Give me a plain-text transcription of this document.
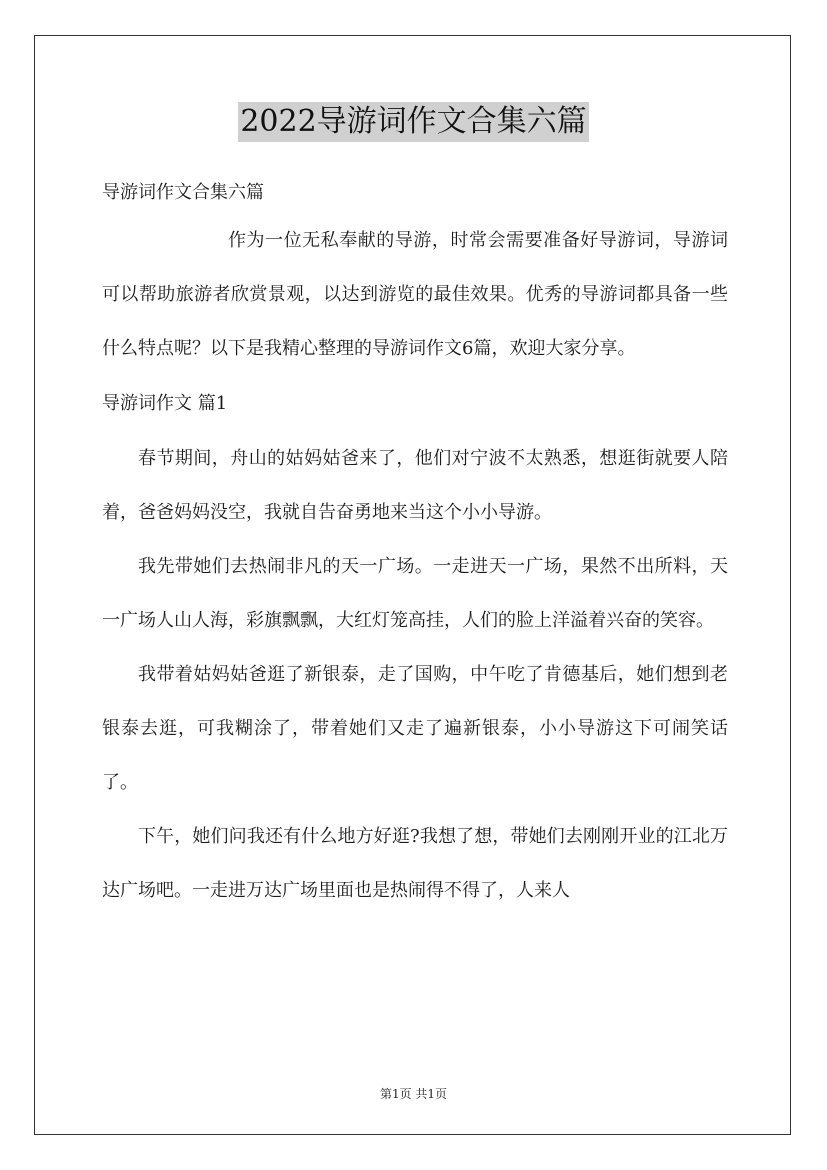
2022导游词作文合集六篇
导游词作文合集六篇

作为一位无私奉献的导游，时常会需要准备好导游词，导游词可以帮助旅游者欣赏景观，以达到游览的最佳效果。优秀的导游词都具备一些什么特点呢？以下是我精心整理的导游词作文6篇，欢迎大家分享。

导游词作文 篇1

春节期间，舟山的姑妈姑爸来了，他们对宁波不太熟悉，想逛街就要人陪着，爸爸妈妈没空，我就自告奋勇地来当这个小小导游。

我先带她们去热闹非凡的天一广场。一走进天一广场，果然不出所料，天一广场人山人海，彩旗飘飘，大红灯笼高挂，人们的脸上洋溢着兴奋的笑容。

我带着姑妈姑爸逛了新银泰，走了国购，中午吃了肯德基后，她们想到老银泰去逛，可我糊涂了，带着她们又走了遍新银泰，小小导游这下可闹笑话了。

下午，她们问我还有什么地方好逛?我想了想，带她们去刚刚开业的江北万达广场吧。一走进万达广场里面也是热闹得不得了，人来人

第1页 共1页
